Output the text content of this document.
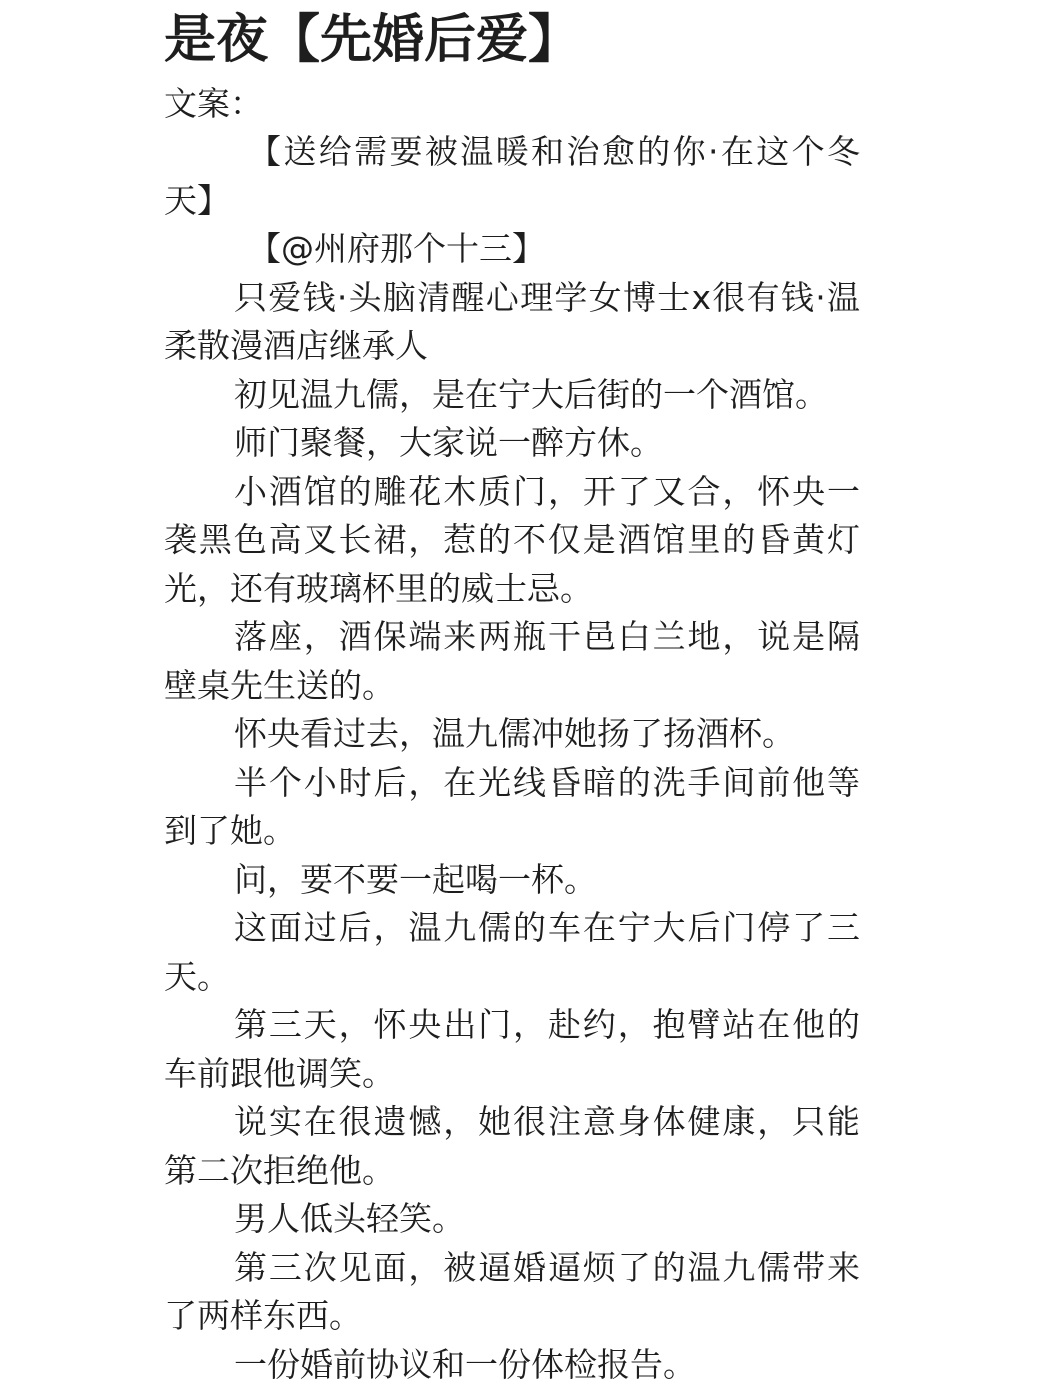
是夜【先婚后爱】

文案：

【送给需要被温暖和治愈的你·在这个冬天】

【@州府那个十三】

只爱钱·头脑清醒心理学女博士x很有钱·温柔散漫酒店继承人

初见温九儒，是在宁大后街的一个酒馆。

师门聚餐，大家说一醉方休。

小酒馆的雕花木质门，开了又合，怀央一袭黑色高叉长裙，惹的不仅是酒馆里的昏黄灯光，还有玻璃杯里的威士忌。

落座，酒保端来两瓶干邑白兰地，说是隔壁桌先生送的。

怀央看过去，温九儒冲她扬了扬酒杯。

半个小时后，在光线昏暗的洗手间前他等到了她。

问，要不要一起喝一杯。

这面过后，温九儒的车在宁大后门停了三天。

第三天，怀央出门，赴约，抱臂站在他的车前跟他调笑。

说实在很遗憾，她很注意身体健康，只能第二次拒绝他。

男人低头轻笑。

第三次见面，被逼婚逼烦了的温九儒带来了两样东西。

一份婚前协议和一份体检报告。
